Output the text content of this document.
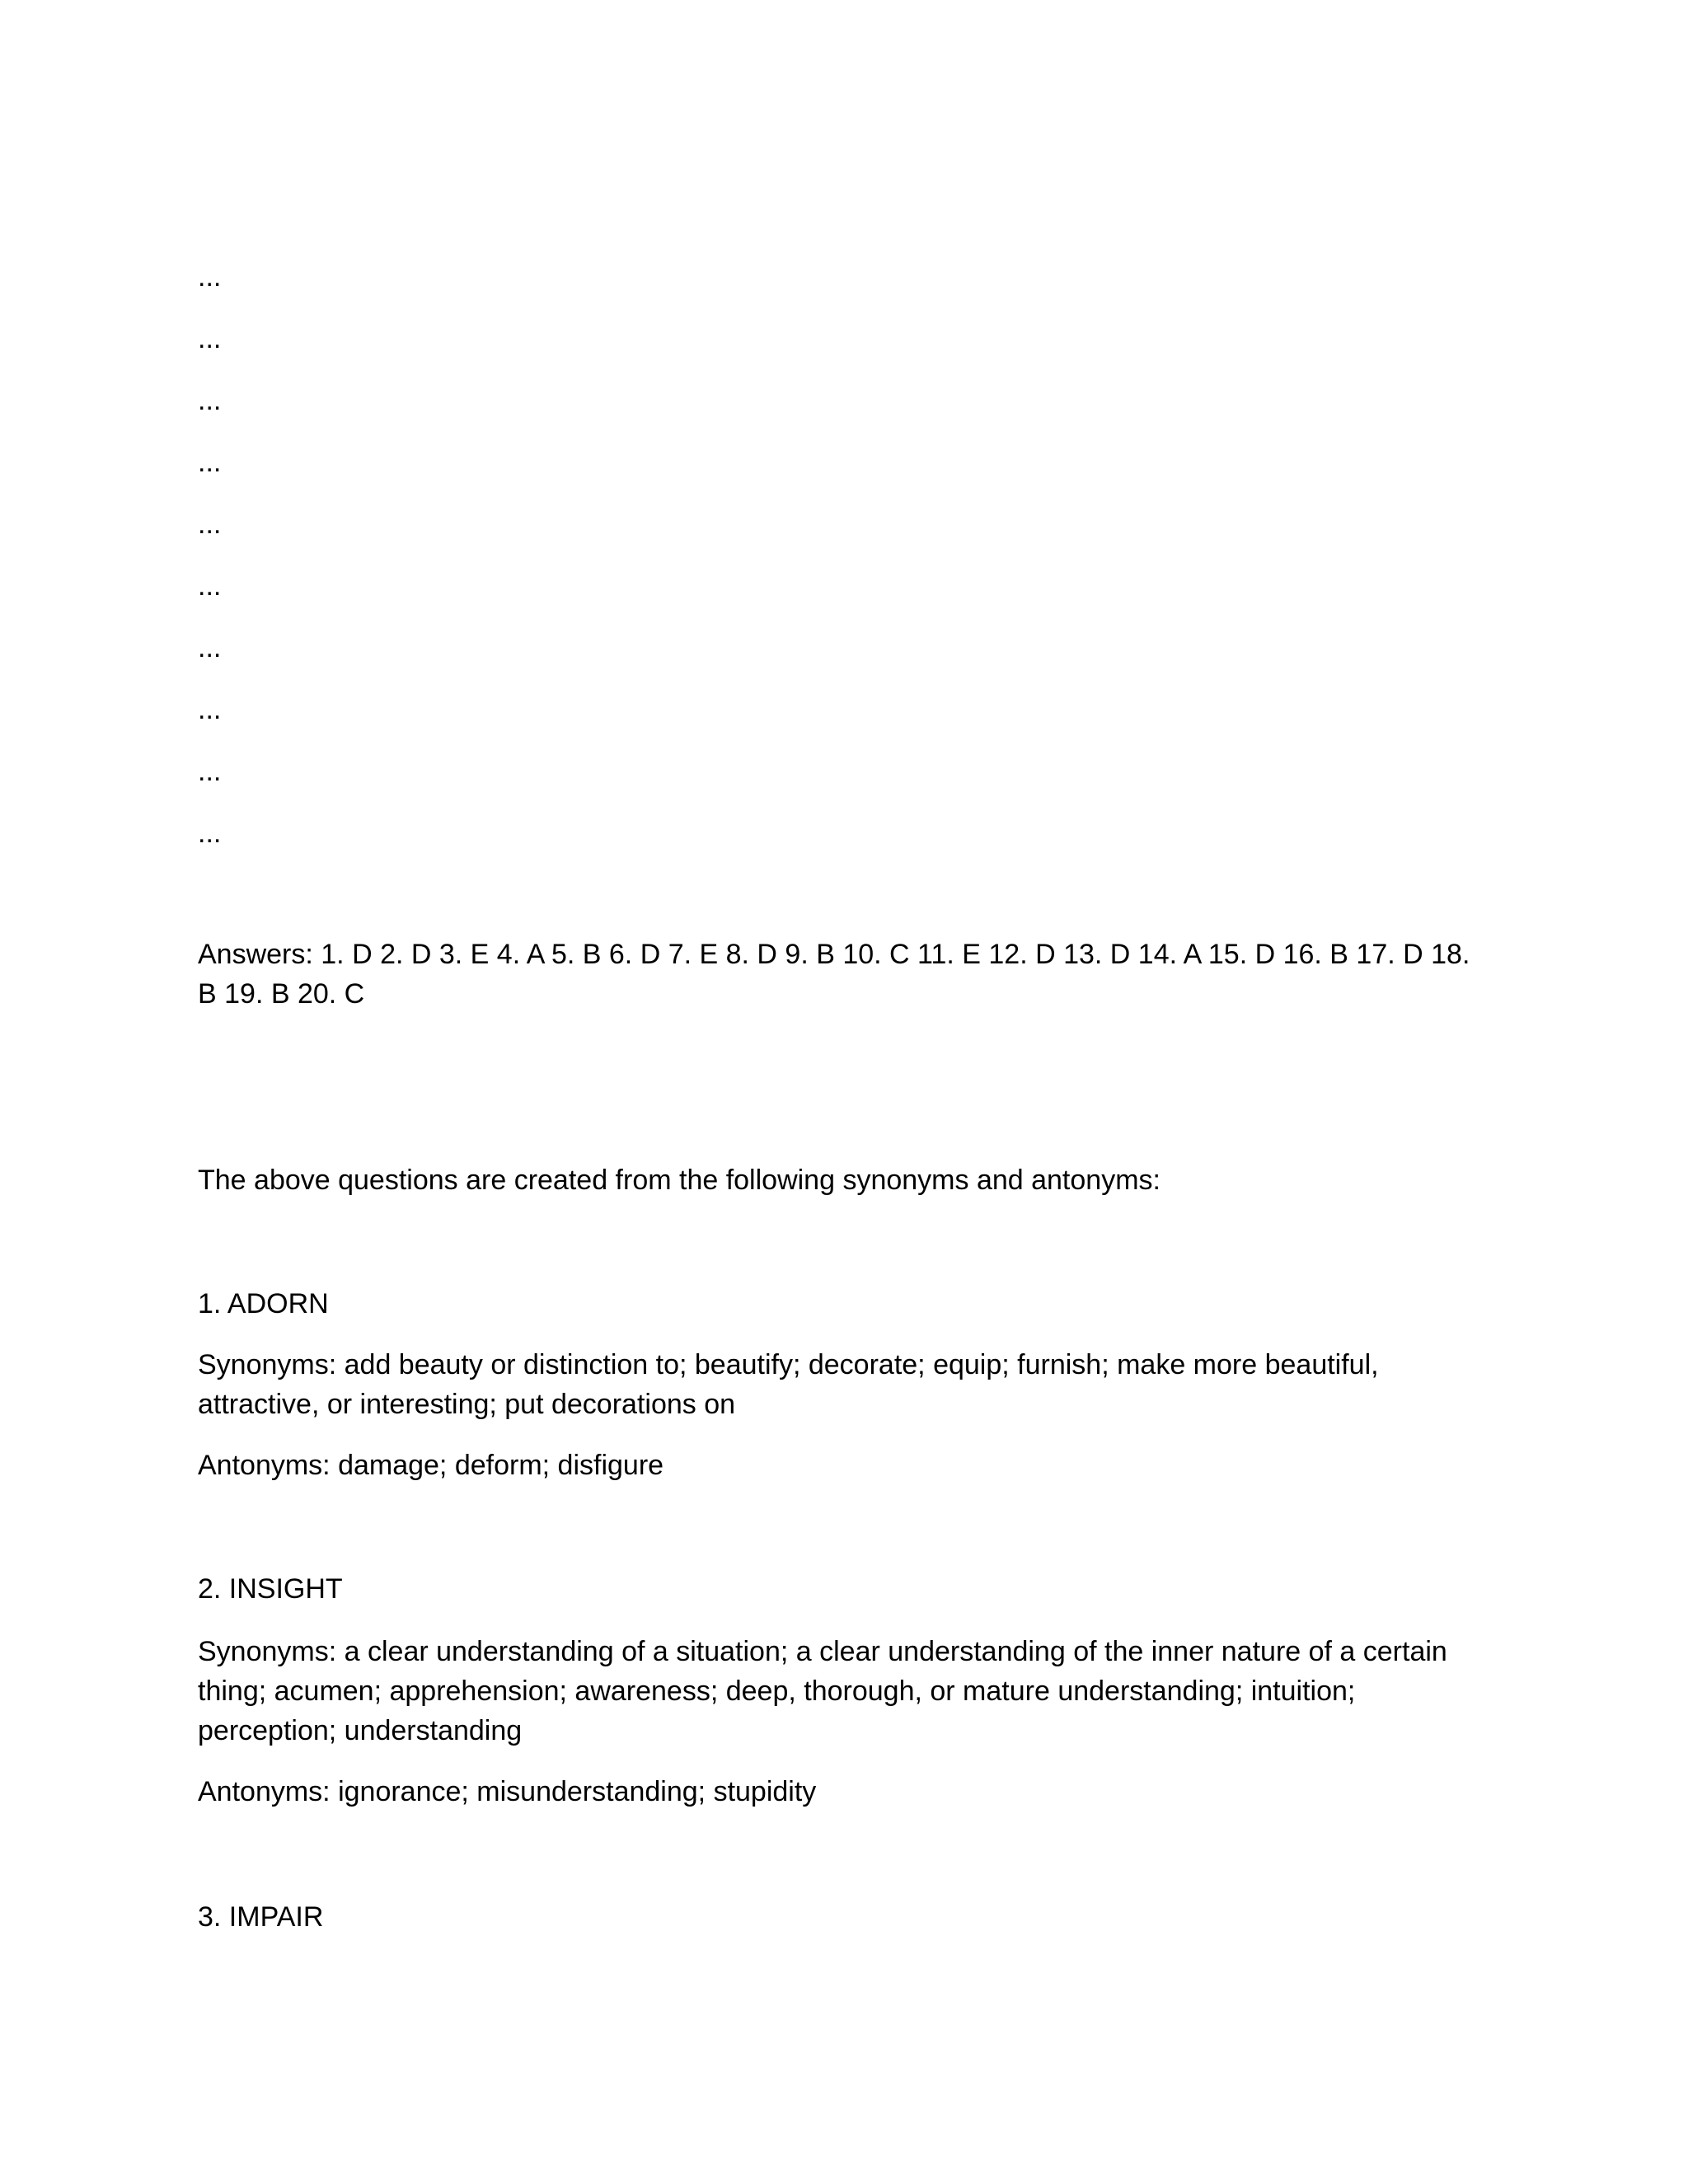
...
...
...
...
...
...
...
...
...
...
Answers: 1. D 2. D 3. E 4. A 5. B 6. D 7. E 8. D 9. B 10. C 11. E 12. D 13. D 14. A 15. D 16. B 17. D 18. B 19. B 20. C
The above questions are created from the following synonyms and antonyms:
1. ADORN
Synonyms: add beauty or distinction to; beautify; decorate; equip; furnish; make more beautiful, attractive, or interesting; put decorations on
Antonyms: damage; deform; disfigure
2. INSIGHT
Synonyms: a clear understanding of a situation; a clear understanding of the inner nature of a certain thing; acumen; apprehension; awareness; deep, thorough, or mature understanding; intuition; perception; understanding
Antonyms: ignorance; misunderstanding; stupidity
3. IMPAIR
